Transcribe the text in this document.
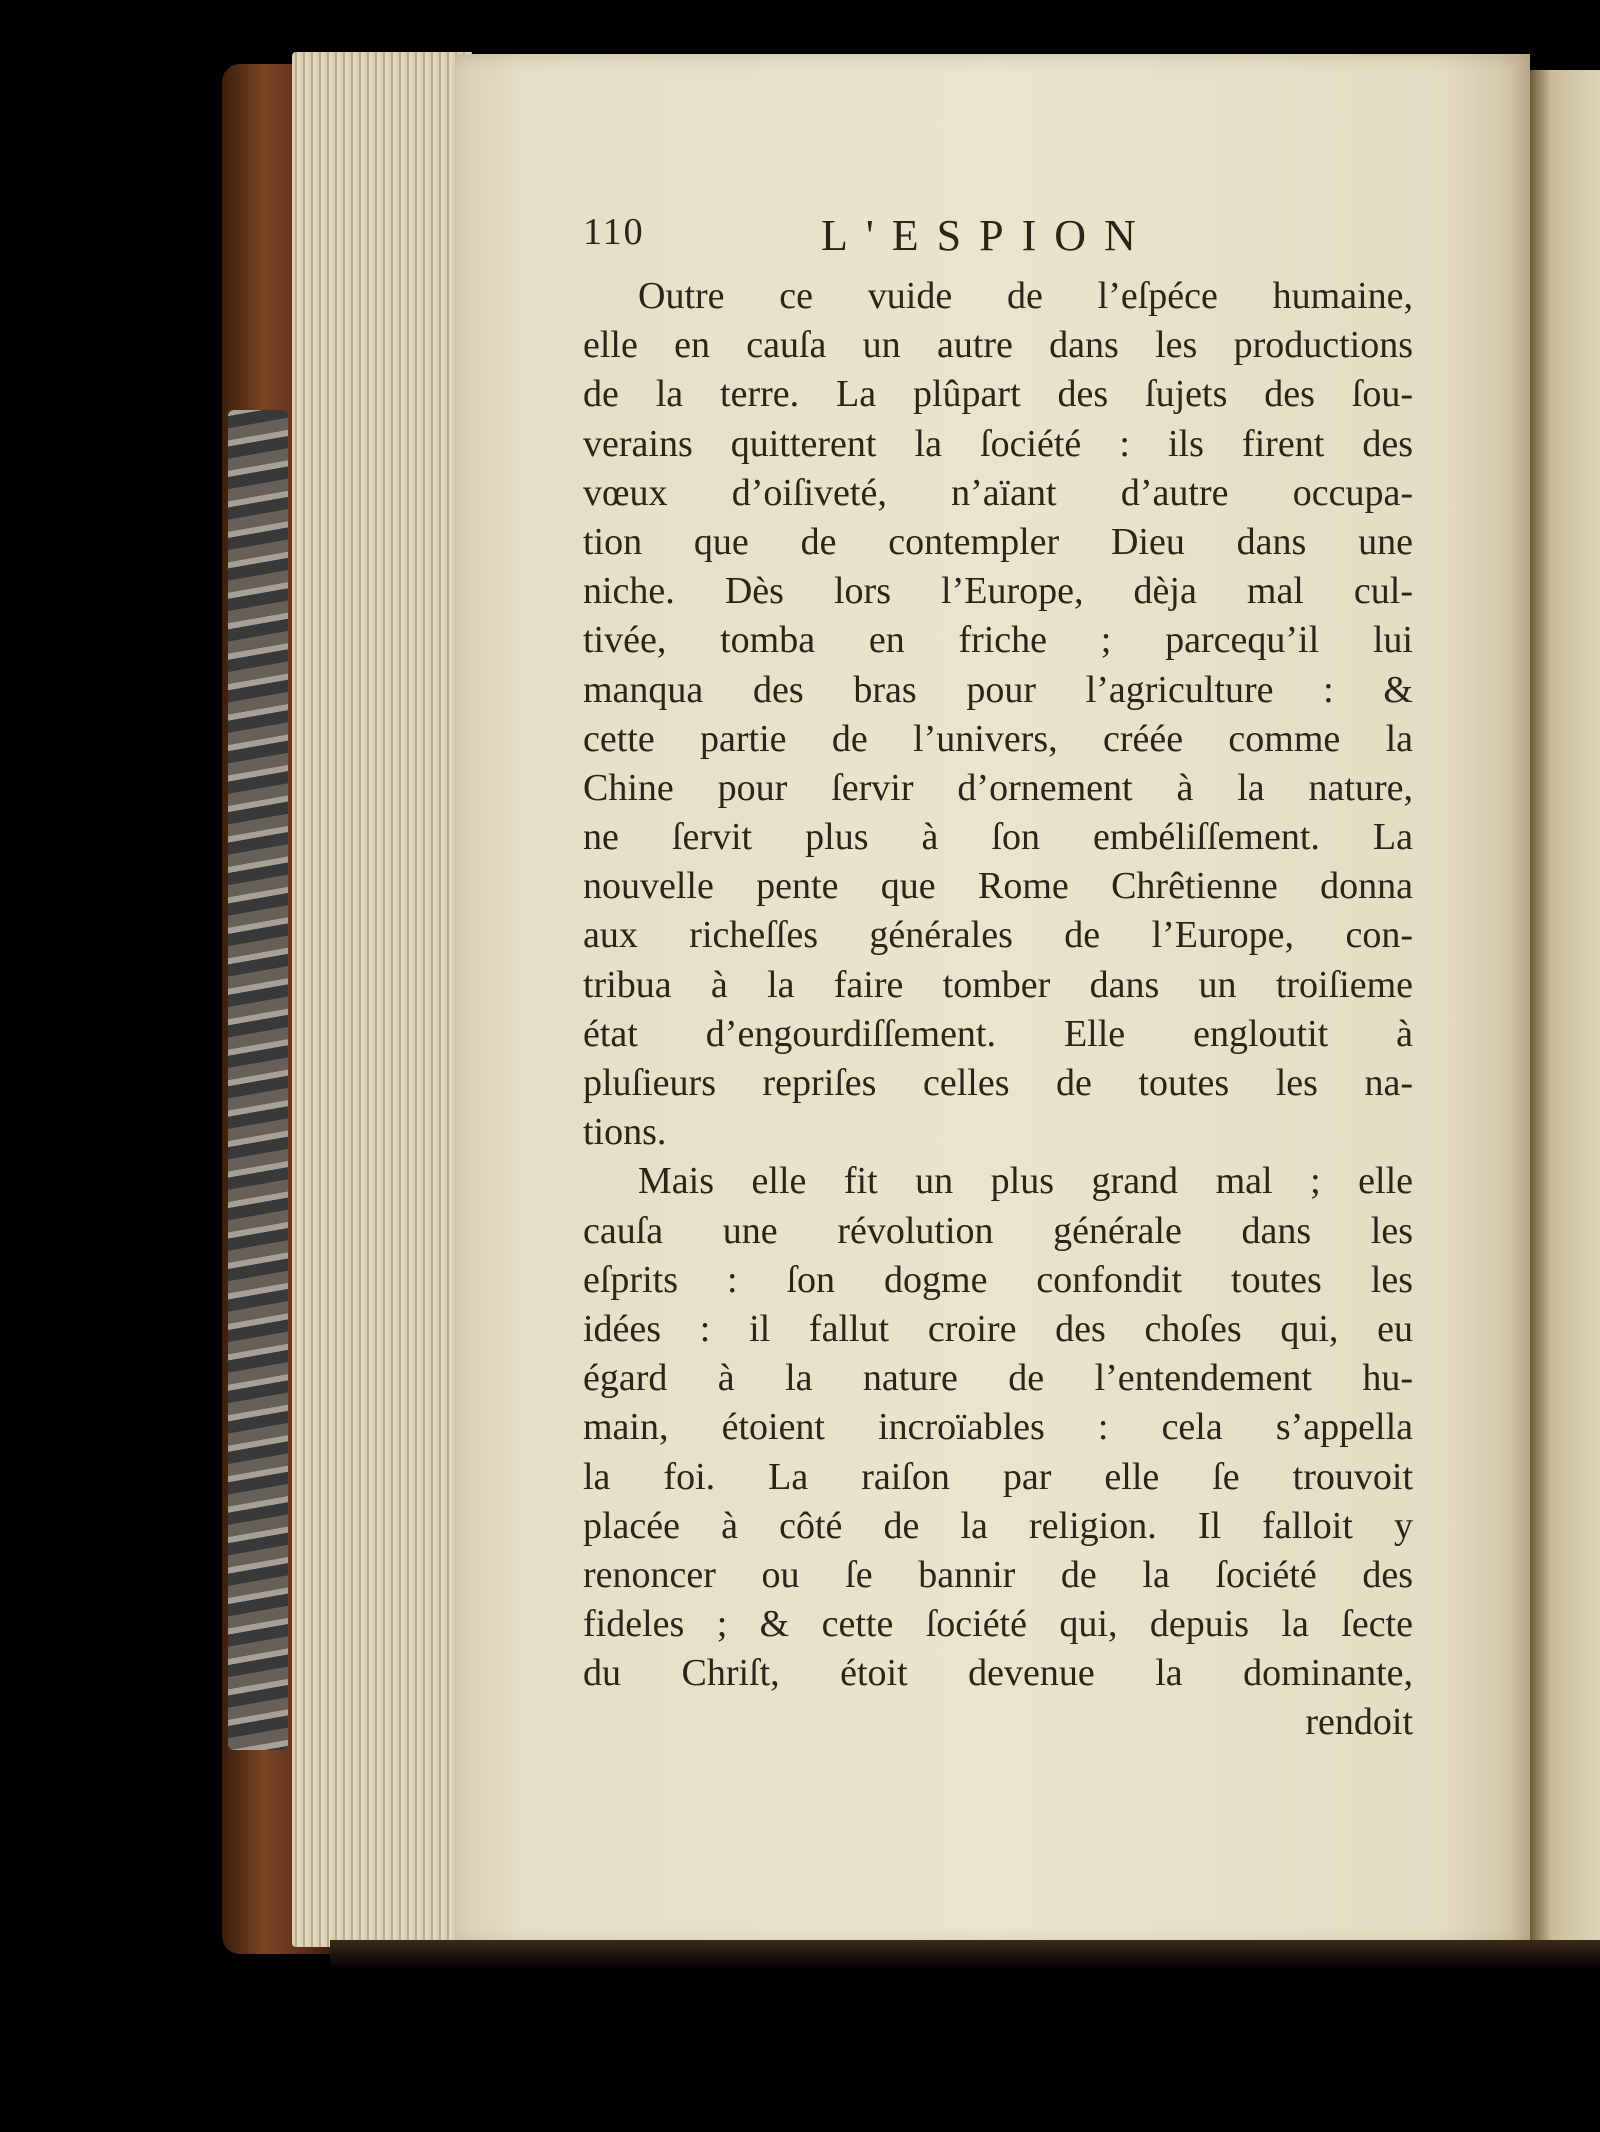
110	L'ESPION
Outre ce vuide de l’eſpéce humaine,
elle en cauſa un autre dans les productions
de la terre. La plûpart des ſujets des ſou-
verains quitterent la ſociété : ils firent des
vœux d’oiſiveté, n’aïant d’autre occupa-
tion que de contempler Dieu dans une
niche. Dès lors l’Europe, dèja mal cul-
tivée, tomba en friche ; parcequ’il lui
manqua des bras pour l’agriculture : &
cette partie de l’univers, créée comme la
Chine pour ſervir d’ornement à la nature,
ne ſervit plus à ſon embéliſſement. La
nouvelle pente que Rome Chrêtienne donna
aux richeſſes générales de l’Europe, con-
tribua à la faire tomber dans un troiſieme
état d’engourdiſſement. Elle engloutit à
pluſieurs repriſes celles de toutes les na-
tions.
Mais elle fit un plus grand mal ; elle
cauſa une révolution générale dans les
eſprits : ſon dogme confondit toutes les
idées : il fallut croire des choſes qui, eu
égard à la nature de l’entendement hu-
main, étoient incroïables : cela s’appella
la foi. La raiſon par elle ſe trouvoit
placée à côté de la religion. Il falloit y
renoncer ou ſe bannir de la ſociété des
fideles ; & cette ſociété qui, depuis la ſecte
du Chriſt, étoit devenue la dominante,
rendoit
